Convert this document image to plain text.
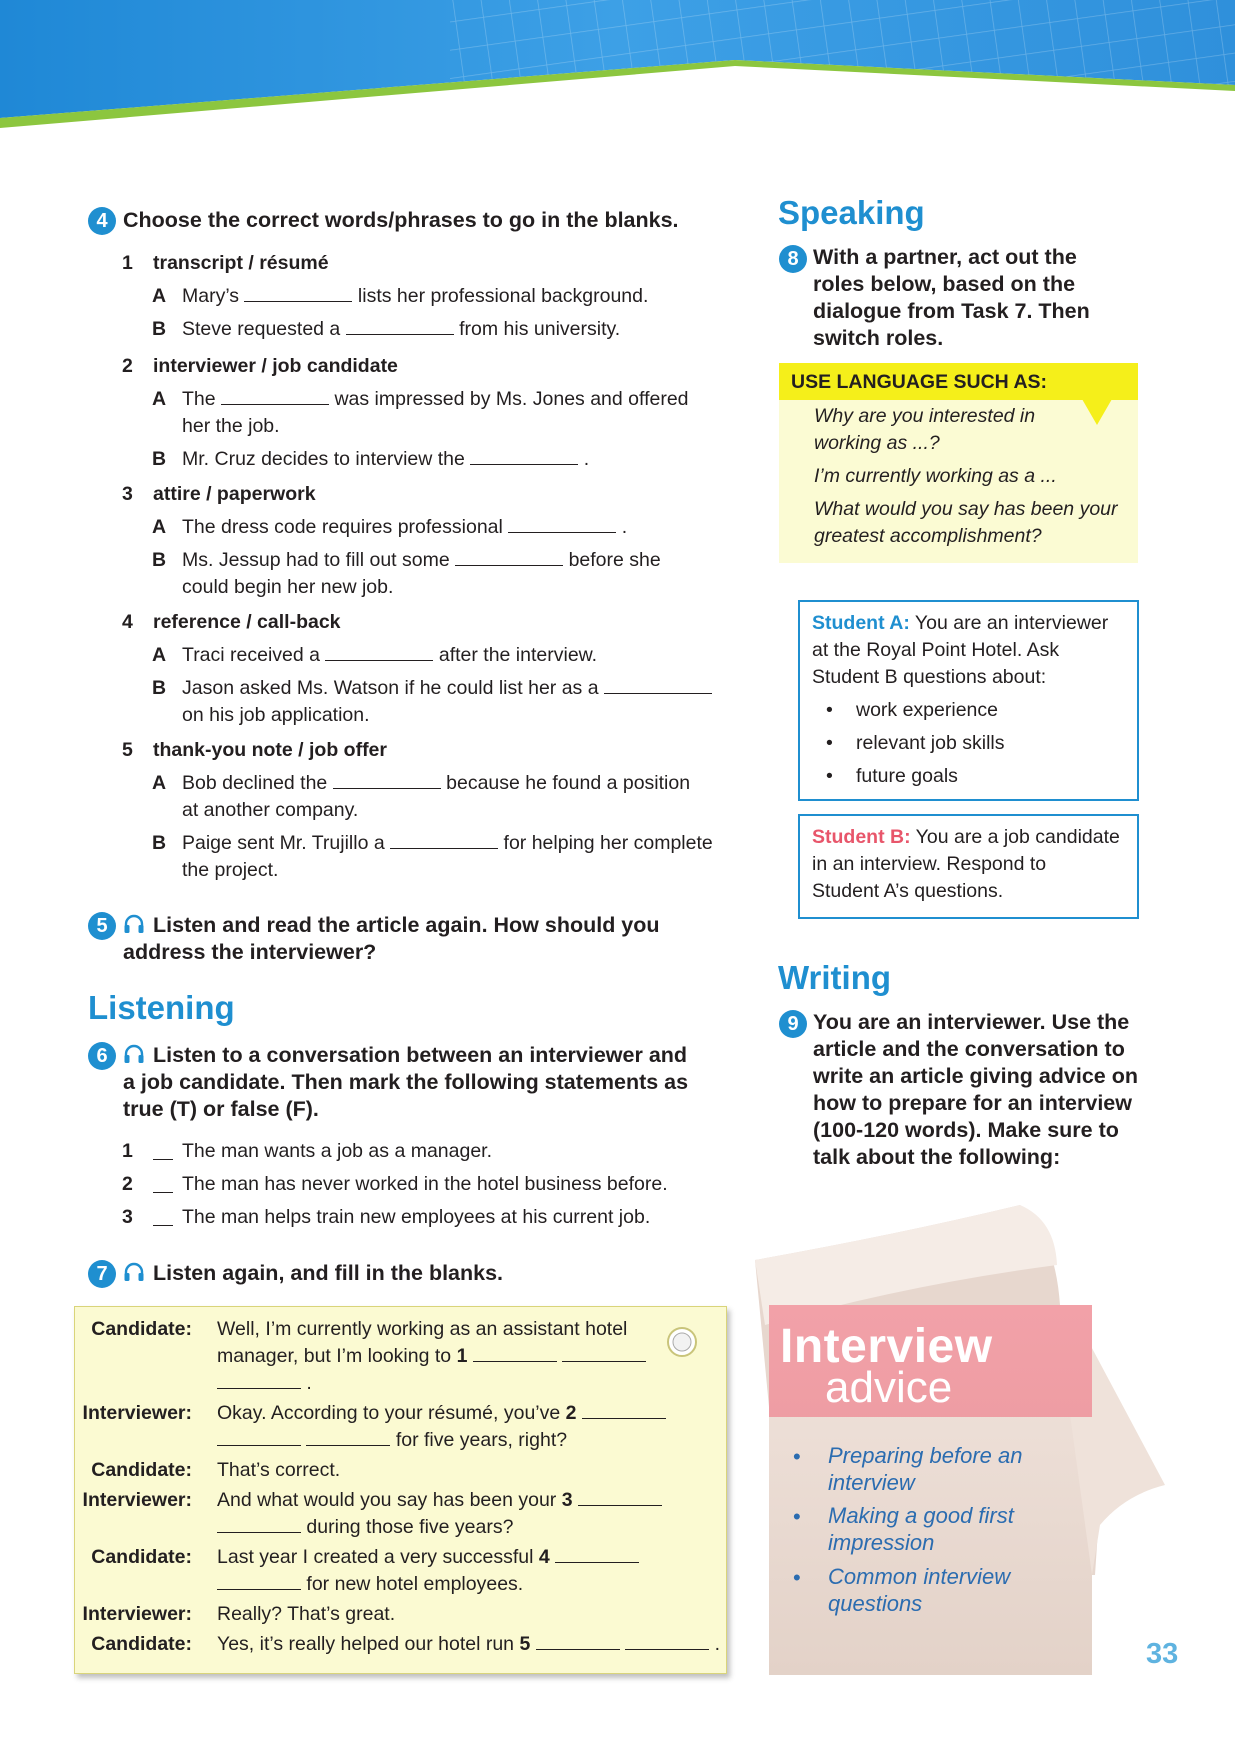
4 Choose the correct words/phrases to go in the blanks.
1 transcript / résumé
A Mary’s	lists her professional background.
B Steve requested a	from his university.
2 interviewer / job candidate
A The	was impressed by Ms. Jones and offered
her the job.
B Mr. Cruz decides to interview the	.
3 attire / paperwork
A The dress code requires professional	.
B Ms. Jessup had to fill out some	before she
could begin her new job.
4 reference / call-back
A Traci received a	after the interview.
B Jason asked Ms. Watson if he could list her as a
on his job application.
5 thank-you note / job offer
A Bob declined the	because he found a position
at another company.
B Paige sent Mr. Trujillo a	for helping her complete
the project.
5	Listen and read the article again. How should you
address the interviewer?
Listening
6	Listen to a conversation between an interviewer and
a job candidate. Then mark the following statements as
true (T) or false (F).
1	The man wants a job as a manager.
2	The man has never worked in the hotel business before.
3	The man helps train new employees at his current job.
7	Listen again, and fill in the blanks.
Candidate: Well, I’m currently working as an assistant hotel
manager, but I’m looking to 1
.
Interviewer: Okay. According to your résumé, you’ve 2
for five years, right?
Candidate: That’s correct.
Interviewer: And what would you say has been your 3
during those five years?
Candidate: Last year I created a very successful 4
for new hotel employees.
Interviewer: Really? That’s great.
Candidate: Yes, it’s really helped our hotel run 5	.
Speaking
8 With a partner, act out the
roles below, based on the
dialogue from Task 7. Then
switch roles.
USE LANGUAGE SUCH AS:
Why are you interested in
working as ...?
I’m currently working as a ...
What would you say has been your
greatest accomplishment?
Student A: You are an interviewer
at the Royal Point Hotel. Ask
Student B questions about:
• work experience
• relevant job skills
• future goals
Student B: You are a job candidate
in an interview. Respond to
Student A’s questions.
Writing
9 You are an interviewer. Use the
article and the conversation to
write an article giving advice on
how to prepare for an interview
(100-120 words). Make sure to
talk about the following:
Interview
advice
• Preparing before an
interview
• Making a good first
impression
• Common interview
questions
33
